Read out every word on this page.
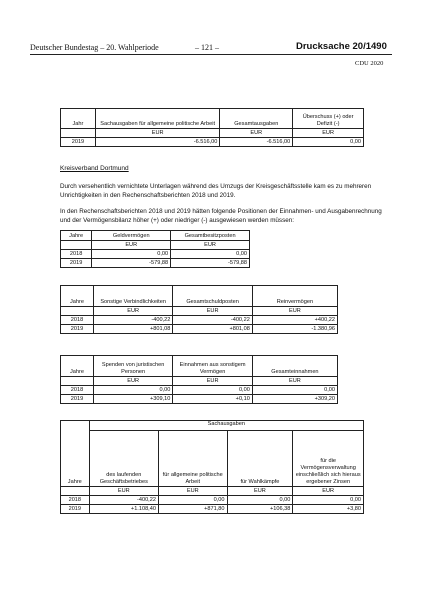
Deutscher Bundestag – 20. Wahlperiode	– 121 –	Drucksache 20/1490
CDU 2020
Jahr	Sachausgaben für allgemeine politische Arbeit	Gesamtausgaben	Überschuss (+) oder Defizit (-)
	EUR	EUR	EUR
2019	-6.516,00	-6.516,00	0,00
Kreisverband Dortmund
Durch versehentlich vernichtete Unterlagen während des Umzugs der Kreisgeschäftsstelle kam es zu mehreren Unrichtigkeiten in den Rechenschaftsberichten 2018 und 2019.
In den Rechenschaftsberichten 2018 und 2019 hätten folgende Positionen der Einnahmen- und Ausgabenrechnung und der Vermögensbilanz höher (+) oder niedriger (-) ausgewiesen werden müssen:
Jahre	Geldvermögen	Gesamtbesitzposten
	EUR	EUR
2018	0,00	0,00
2019	-579,88	-579,88
Jahre	Sonstige Verbindlichkeiten	Gesamtschuldposten	Reinvermögen
	EUR	EUR	EUR
2018	-400,22	-400,22	+400,22
2019	+801,08	+801,08	-1.380,96
Jahre	Spenden von juristischen Personen	Einnahmen aus sonstigem Vermögen	Gesamteinnahmen
	EUR	EUR	EUR
2018	0,00	0,00	0,00
2019	+309,10	+0,10	+309,20
Jahre	Sachausgaben			
	des laufenden Geschäftsbetriebes	für allgemeine politische Arbeit	für Wahlkämpfe	für die Vermögensverwaltung einschließlich sich hieraus ergebener Zinsen
	EUR	EUR	EUR	EUR
2018	-400,22	0,00	0,00	0,00
2019	+1.108,40	+871,80	+106,38	+3,80
